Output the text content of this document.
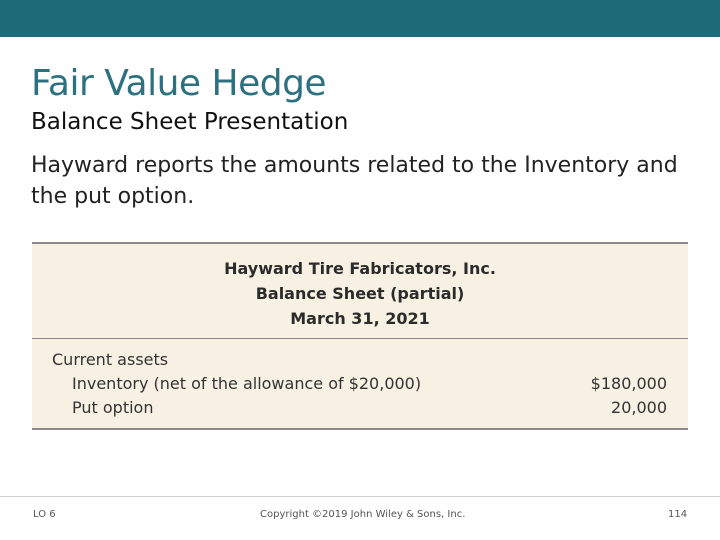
Fair Value Hedge
Balance Sheet Presentation
Hayward reports the amounts related to the Inventory and the put option.
Hayward Tire Fabricators, Inc.
Balance Sheet (partial)
March 31, 2021
Current assets
Inventory (net of the allowance of $20,000)	$180,000
Put option	20,000
LO 6	Copyright ©2019 John Wiley & Sons, Inc.	114
